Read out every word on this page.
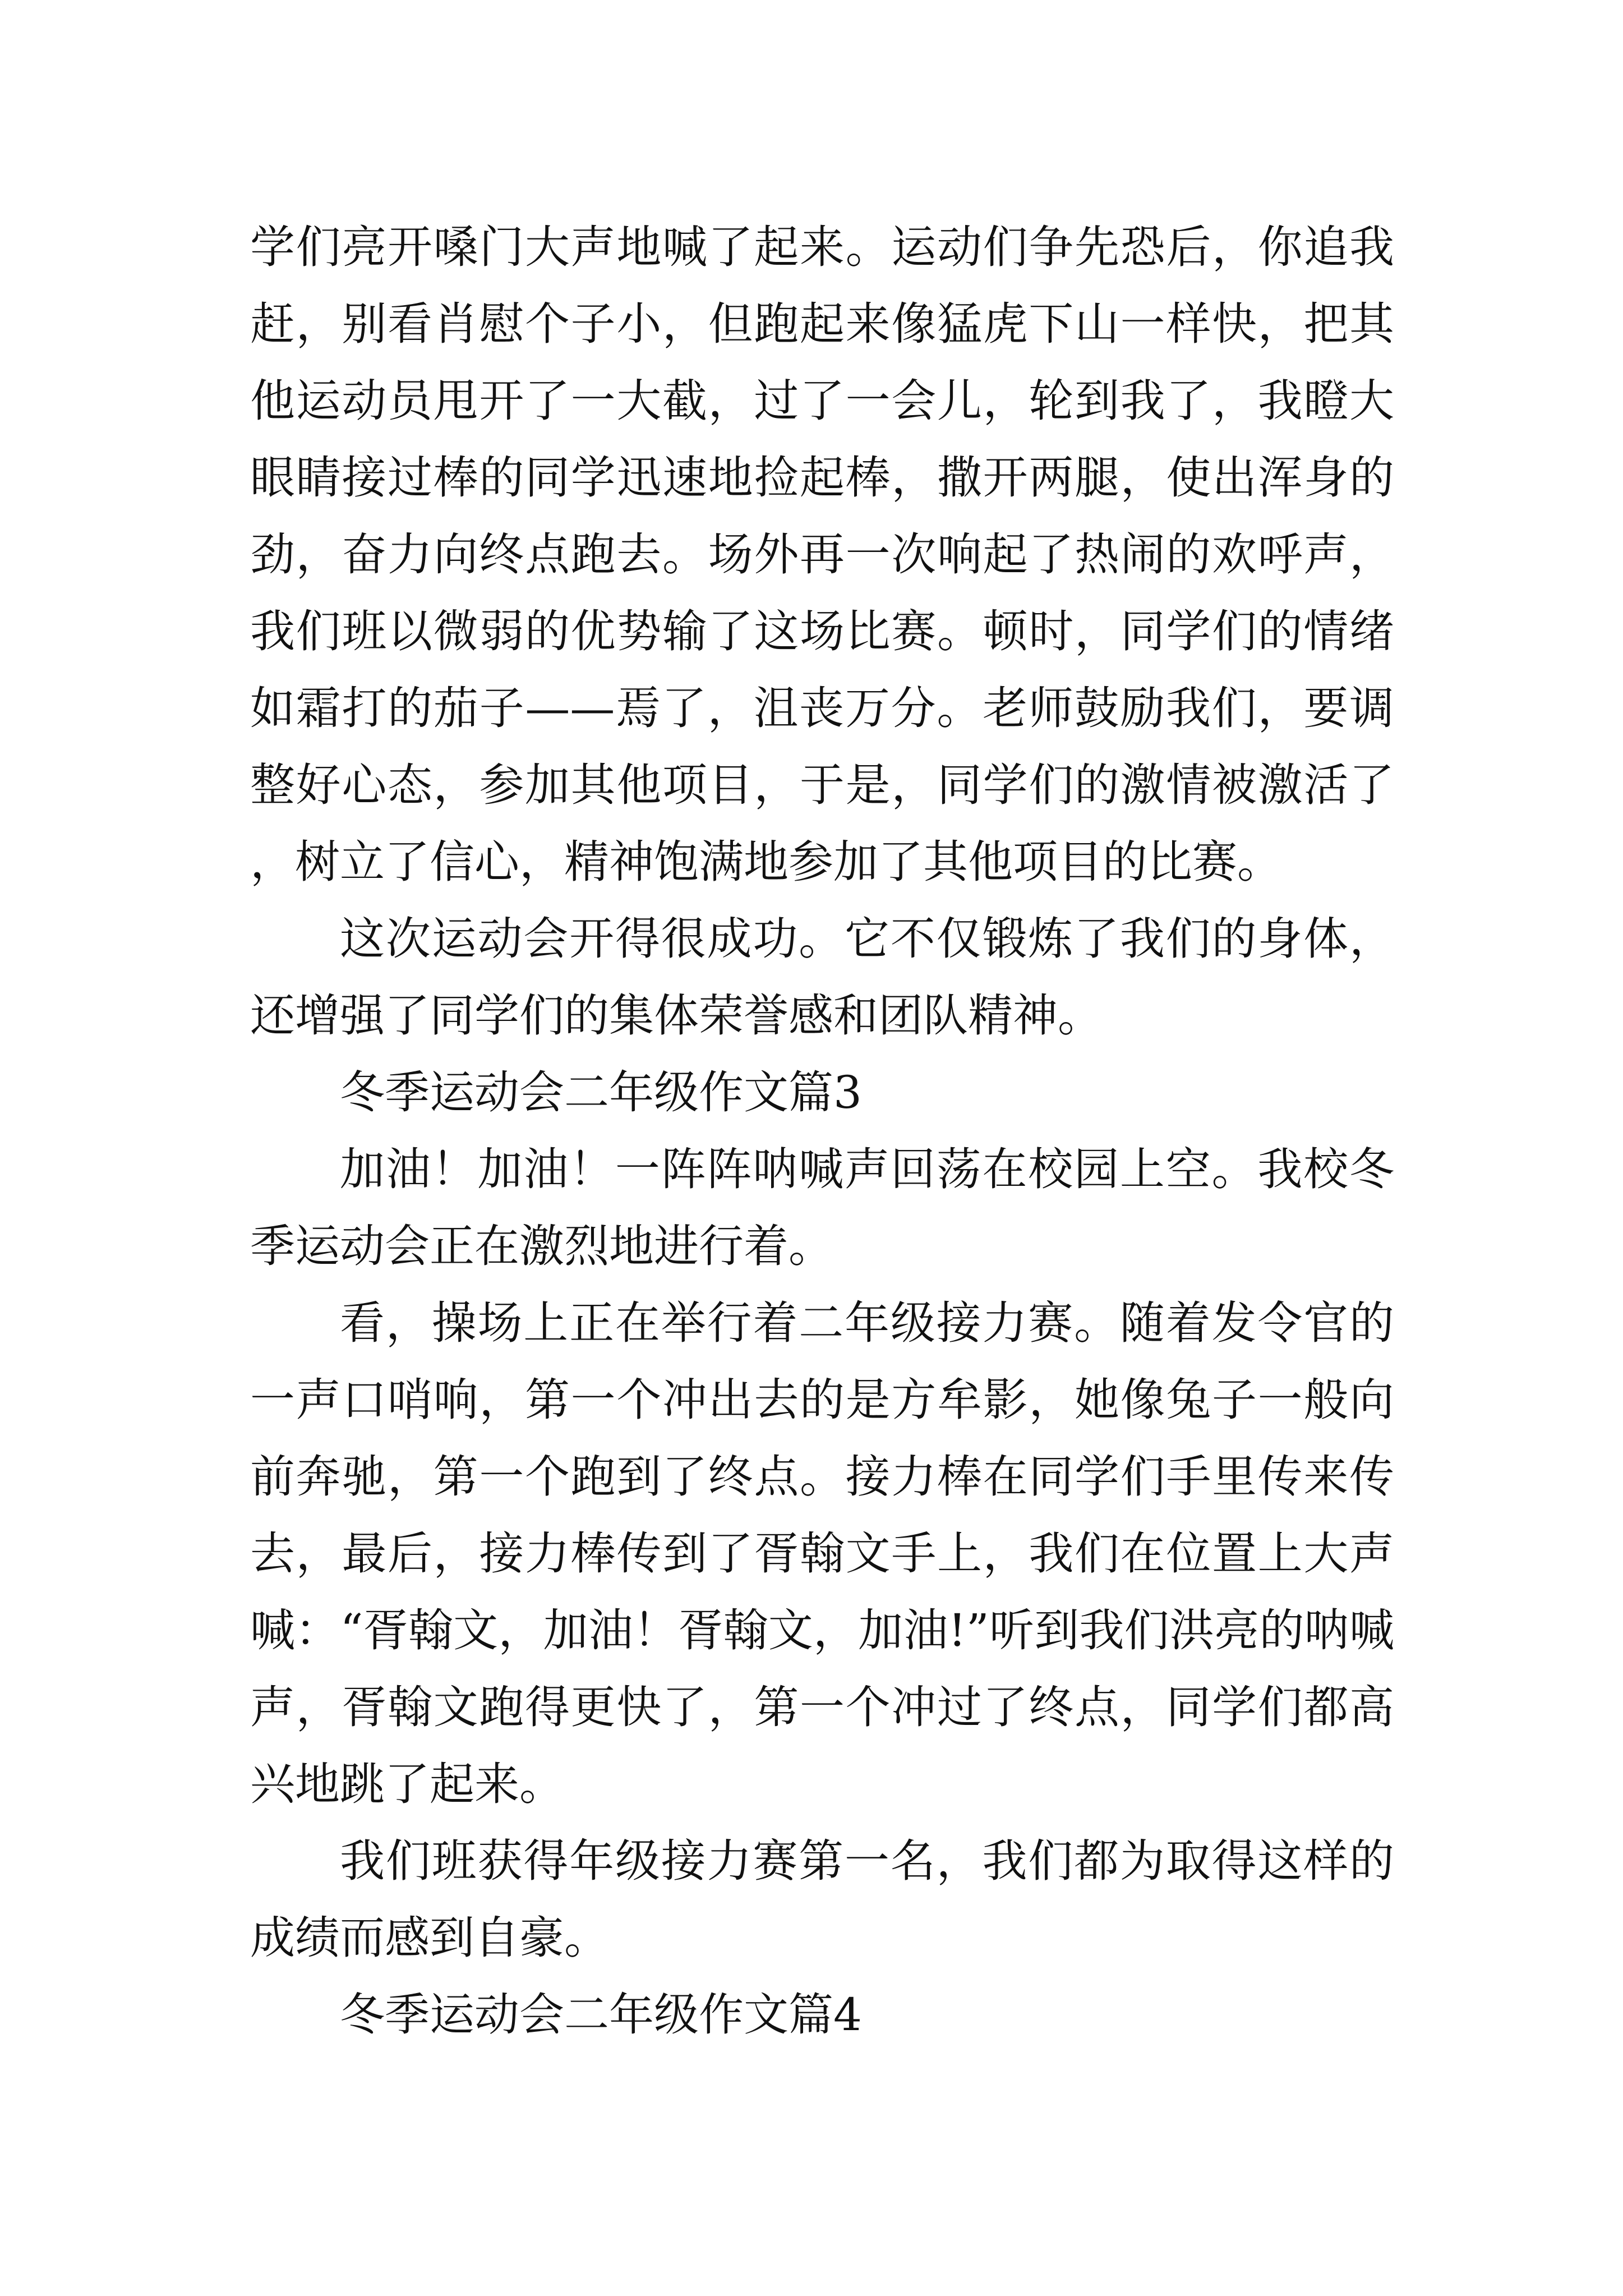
学们亮开嗓门大声地喊了起来。运动们争先恐后，你追我赶，别看肖慰个子小，但跑起来像猛虎下山一样快，把其他运动员甩开了一大截，过了一会儿，轮到我了，我瞪大眼睛接过棒的同学迅速地捡起棒，撒开两腿，使出浑身的劲，奋力向终点跑去。场外再一次响起了热闹的欢呼声，我们班以微弱的优势输了这场比赛。顿时，同学们的情绪如霜打的茄子——焉了，沮丧万分。老师鼓励我们，要调整好心态，参加其他项目，于是，同学们的激情被激活了，树立了信心，精神饱满地参加了其他项目的比赛。

这次运动会开得很成功。它不仅锻炼了我们的身体，还增强了同学们的集体荣誉感和团队精神。

冬季运动会二年级作文篇3

加油！加油！一阵阵呐喊声回荡在校园上空。我校冬季运动会正在激烈地进行着。

看，操场上正在举行着二年级接力赛。随着发令官的一声口哨响，第一个冲出去的是方牟影，她像兔子一般向前奔驰，第一个跑到了终点。接力棒在同学们手里传来传去，最后，接力棒传到了胥翰文手上，我们在位置上大声喊：“胥翰文，加油！胥翰文，加油!”听到我们洪亮的呐喊声，胥翰文跑得更快了，第一个冲过了终点，同学们都高兴地跳了起来。

我们班获得年级接力赛第一名，我们都为取得这样的成绩而感到自豪。

冬季运动会二年级作文篇4
